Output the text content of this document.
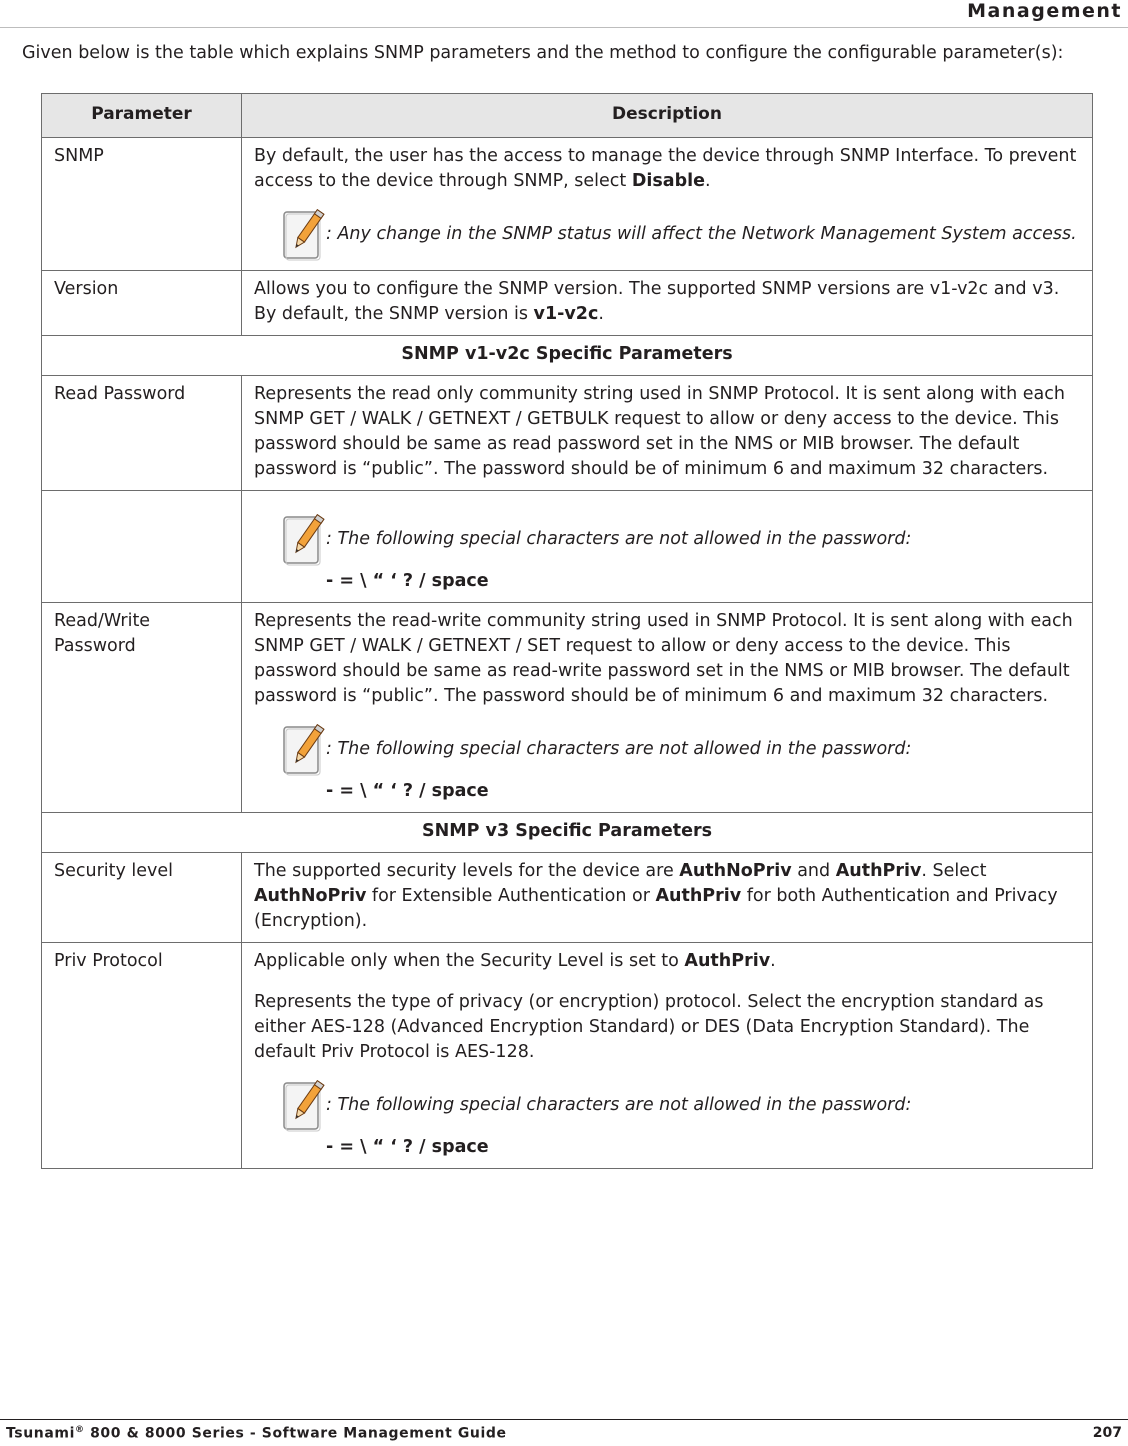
Management
Given below is the table which explains SNMP parameters and the method to configure the configurable parameter(s):
Parameter	Description
SNMP	By default, the user has the access to manage the device through SNMP Interface. To prevent access to the device through SNMP, select Disable.
: Any change in the SNMP status will affect the Network Management System access.

Version	Allows you to configure the SNMP version. The supported SNMP versions are v1-v2c and v3. By default, the SNMP version is v1-v2c.
SNMP v1-v2c Specific Parameters	
Read Password	Represents the read only community string used in SNMP Protocol. It is sent along with each SNMP GET / WALK / GETNEXT / GETBULK request to allow or deny access to the device. This password should be same as read password set in the NMS or MIB browser. The default password is “public”. The password should be of minimum 6 and maximum 32 characters.

	: The following special characters are not allowed in the password:
- = \ “ ‘ ? / space

Read/Write Password	Represents the read-write community string used in SNMP Protocol. It is sent along with each SNMP GET / WALK / GETNEXT / SET request to allow or deny access to the device. This password should be same as read-write password set in the NMS or MIB browser. The default password is “public”. The password should be of minimum 6 and maximum 32 characters.
: The following special characters are not allowed in the password:
- = \ “ ‘ ? / space

SNMP v3 Specific Parameters	
Security level	The supported security levels for the device are AuthNoPriv and AuthPriv. Select AuthNoPriv for Extensible Authentication or AuthPriv for both Authentication and Privacy (Encryption).
Priv Protocol	Applicable only when the Security Level is set to AuthPriv.
Represents the type of privacy (or encryption) protocol. Select the encryption standard as either AES-128 (Advanced Encryption Standard) or DES (Data Encryption Standard). The default Priv Protocol is AES-128.
: The following special characters are not allowed in the password:
- = \ “ ‘ ? / space
Tsunami® 800 & 8000 Series - Software Management Guide	207
